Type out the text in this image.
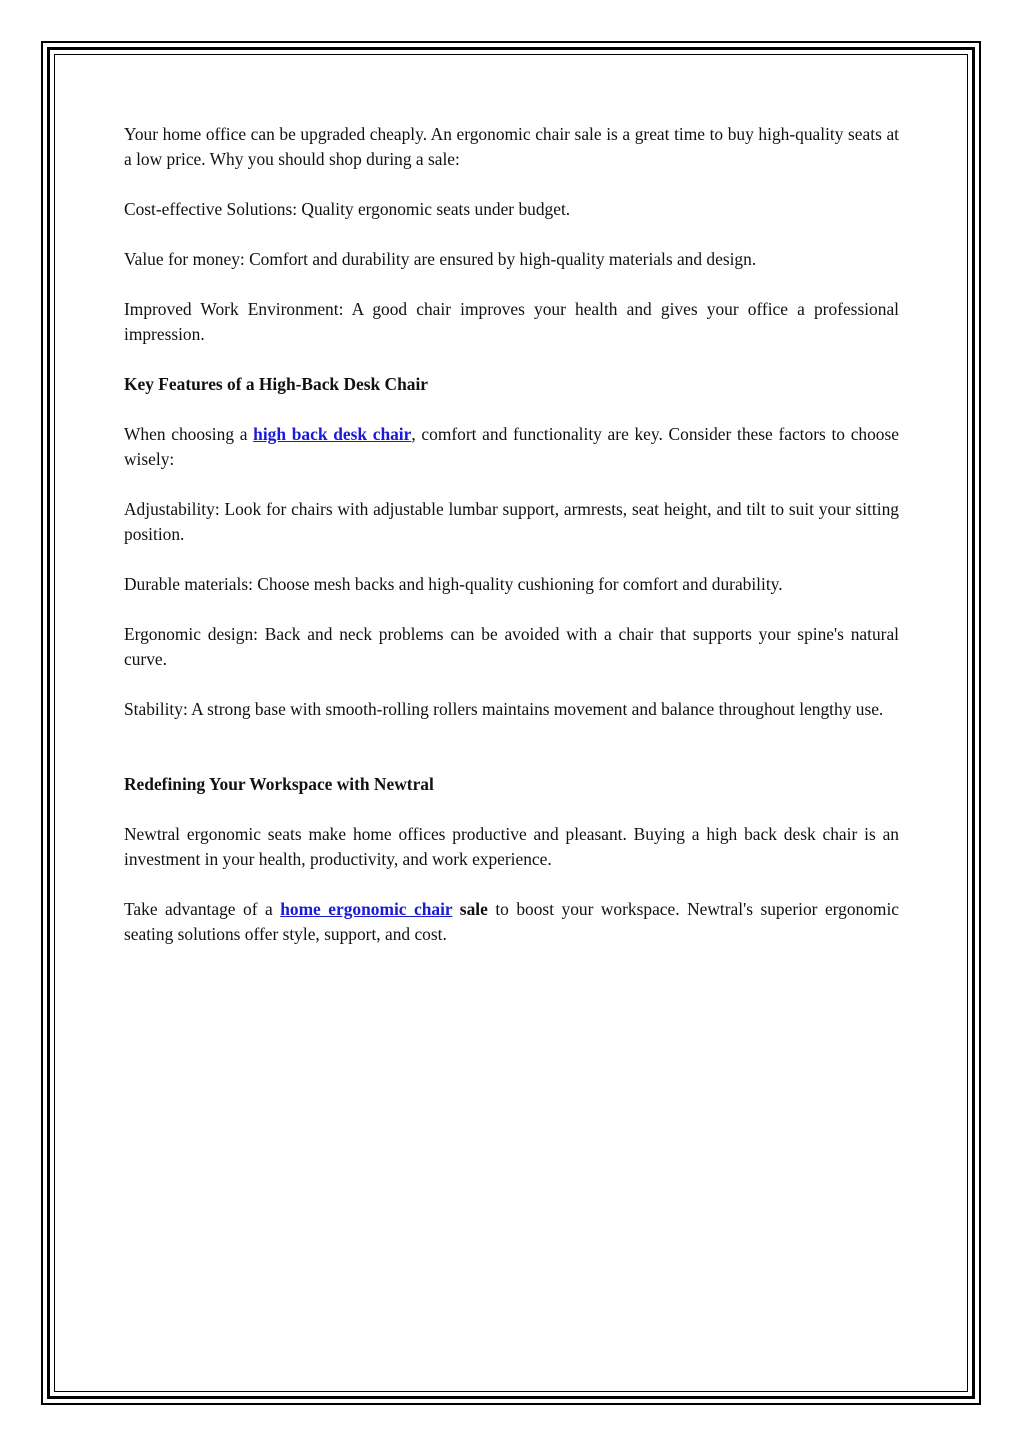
Your home office can be upgraded cheaply. An ergonomic chair sale is a great time to buy high-quality seats at a low price. Why you should shop during a sale:

Cost-effective Solutions: Quality ergonomic seats under budget.

Value for money: Comfort and durability are ensured by high-quality materials and design.

Improved Work Environment: A good chair improves your health and gives your office a professional impression.

Key Features of a High-Back Desk Chair

When choosing a high back desk chair, comfort and functionality are key. Consider these factors to choose wisely:

Adjustability: Look for chairs with adjustable lumbar support, armrests, seat height, and tilt to suit your sitting position.

Durable materials: Choose mesh backs and high-quality cushioning for comfort and durability.

Ergonomic design: Back and neck problems can be avoided with a chair that supports your spine's natural curve.

Stability: A strong base with smooth-rolling rollers maintains movement and balance throughout lengthy use.

Redefining Your Workspace with Newtral

Newtral ergonomic seats make home offices productive and pleasant. Buying a high back desk chair is an investment in your health, productivity, and work experience.

Take advantage of a home ergonomic chair sale to boost your workspace. Newtral's superior ergonomic seating solutions offer style, support, and cost.
